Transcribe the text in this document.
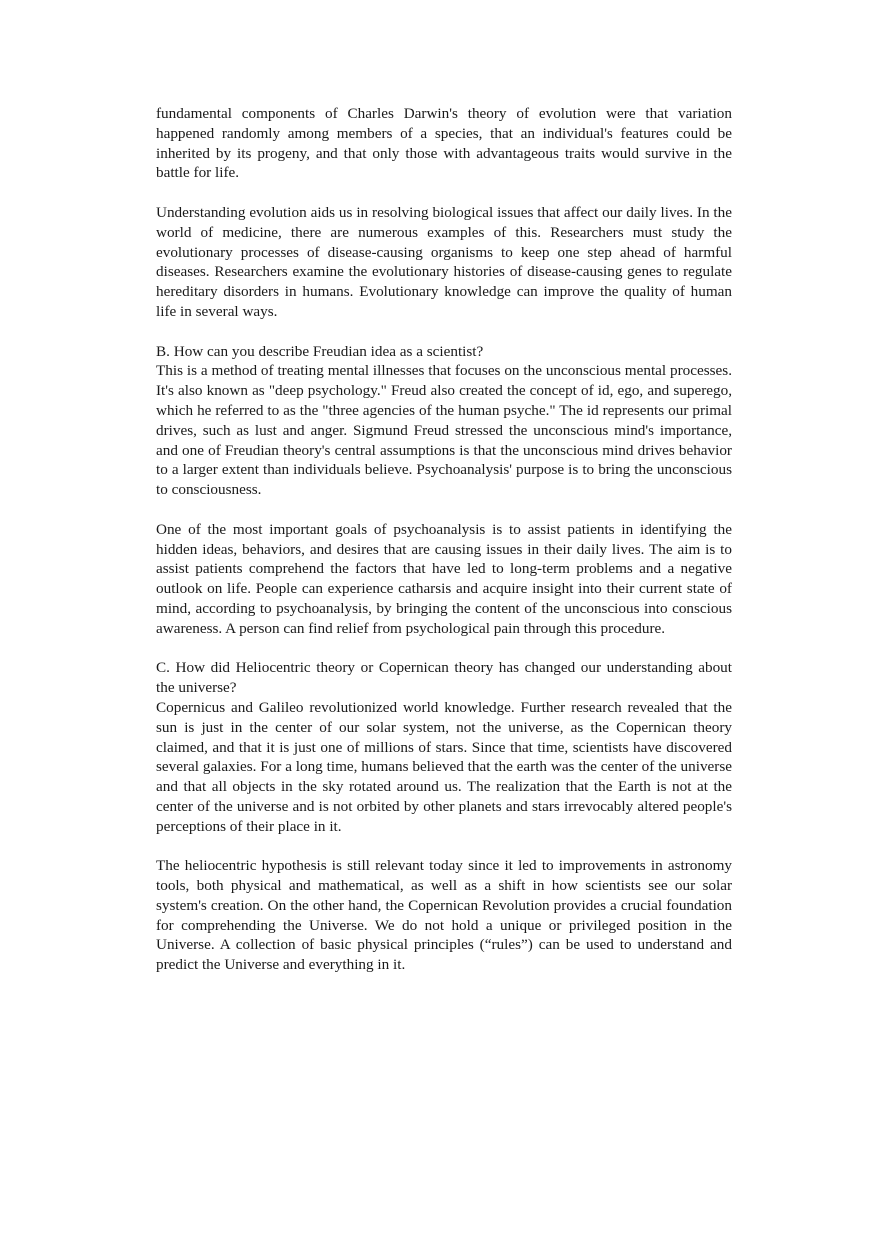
fundamental components of Charles Darwin's theory of evolution were that variation happened randomly among members of a species, that an individual's features could be inherited by its progeny, and that only those with advantageous traits would survive in the battle for life.

Understanding evolution aids us in resolving biological issues that affect our daily lives. In the world of medicine, there are numerous examples of this. Researchers must study the evolutionary processes of disease-causing organisms to keep one step ahead of harmful diseases. Researchers examine the evolutionary histories of disease-causing genes to regulate hereditary disorders in humans. Evolutionary knowledge can improve the quality of human life in several ways.

B. How can you describe Freudian idea as a scientist?

This is a method of treating mental illnesses that focuses on the unconscious mental processes. It's also known as "deep psychology." Freud also created the concept of id, ego, and superego, which he referred to as the "three agencies of the human psyche." The id represents our primal drives, such as lust and anger. Sigmund Freud stressed the unconscious mind's importance, and one of Freudian theory's central assumptions is that the unconscious mind drives behavior to a larger extent than individuals believe. Psychoanalysis' purpose is to bring the unconscious to consciousness.

One of the most important goals of psychoanalysis is to assist patients in identifying the hidden ideas, behaviors, and desires that are causing issues in their daily lives. The aim is to assist patients comprehend the factors that have led to long-term problems and a negative outlook on life. People can experience catharsis and acquire insight into their current state of mind, according to psychoanalysis, by bringing the content of the unconscious into conscious awareness. A person can find relief from psychological pain through this procedure.

C. How did Heliocentric theory or Copernican theory has changed our understanding about the universe?

Copernicus and Galileo revolutionized world knowledge. Further research revealed that the sun is just in the center of our solar system, not the universe, as the Copernican theory claimed, and that it is just one of millions of stars. Since that time, scientists have discovered several galaxies. For a long time, humans believed that the earth was the center of the universe and that all objects in the sky rotated around us. The realization that the Earth is not at the center of the universe and is not orbited by other planets and stars irrevocably altered people's perceptions of their place in it.

The heliocentric hypothesis is still relevant today since it led to improvements in astronomy tools, both physical and mathematical, as well as a shift in how scientists see our solar system's creation. On the other hand, the Copernican Revolution provides a crucial foundation for comprehending the Universe. We do not hold a unique or privileged position in the Universe. A collection of basic physical principles (“rules”) can be used to understand and predict the Universe and everything in it.
